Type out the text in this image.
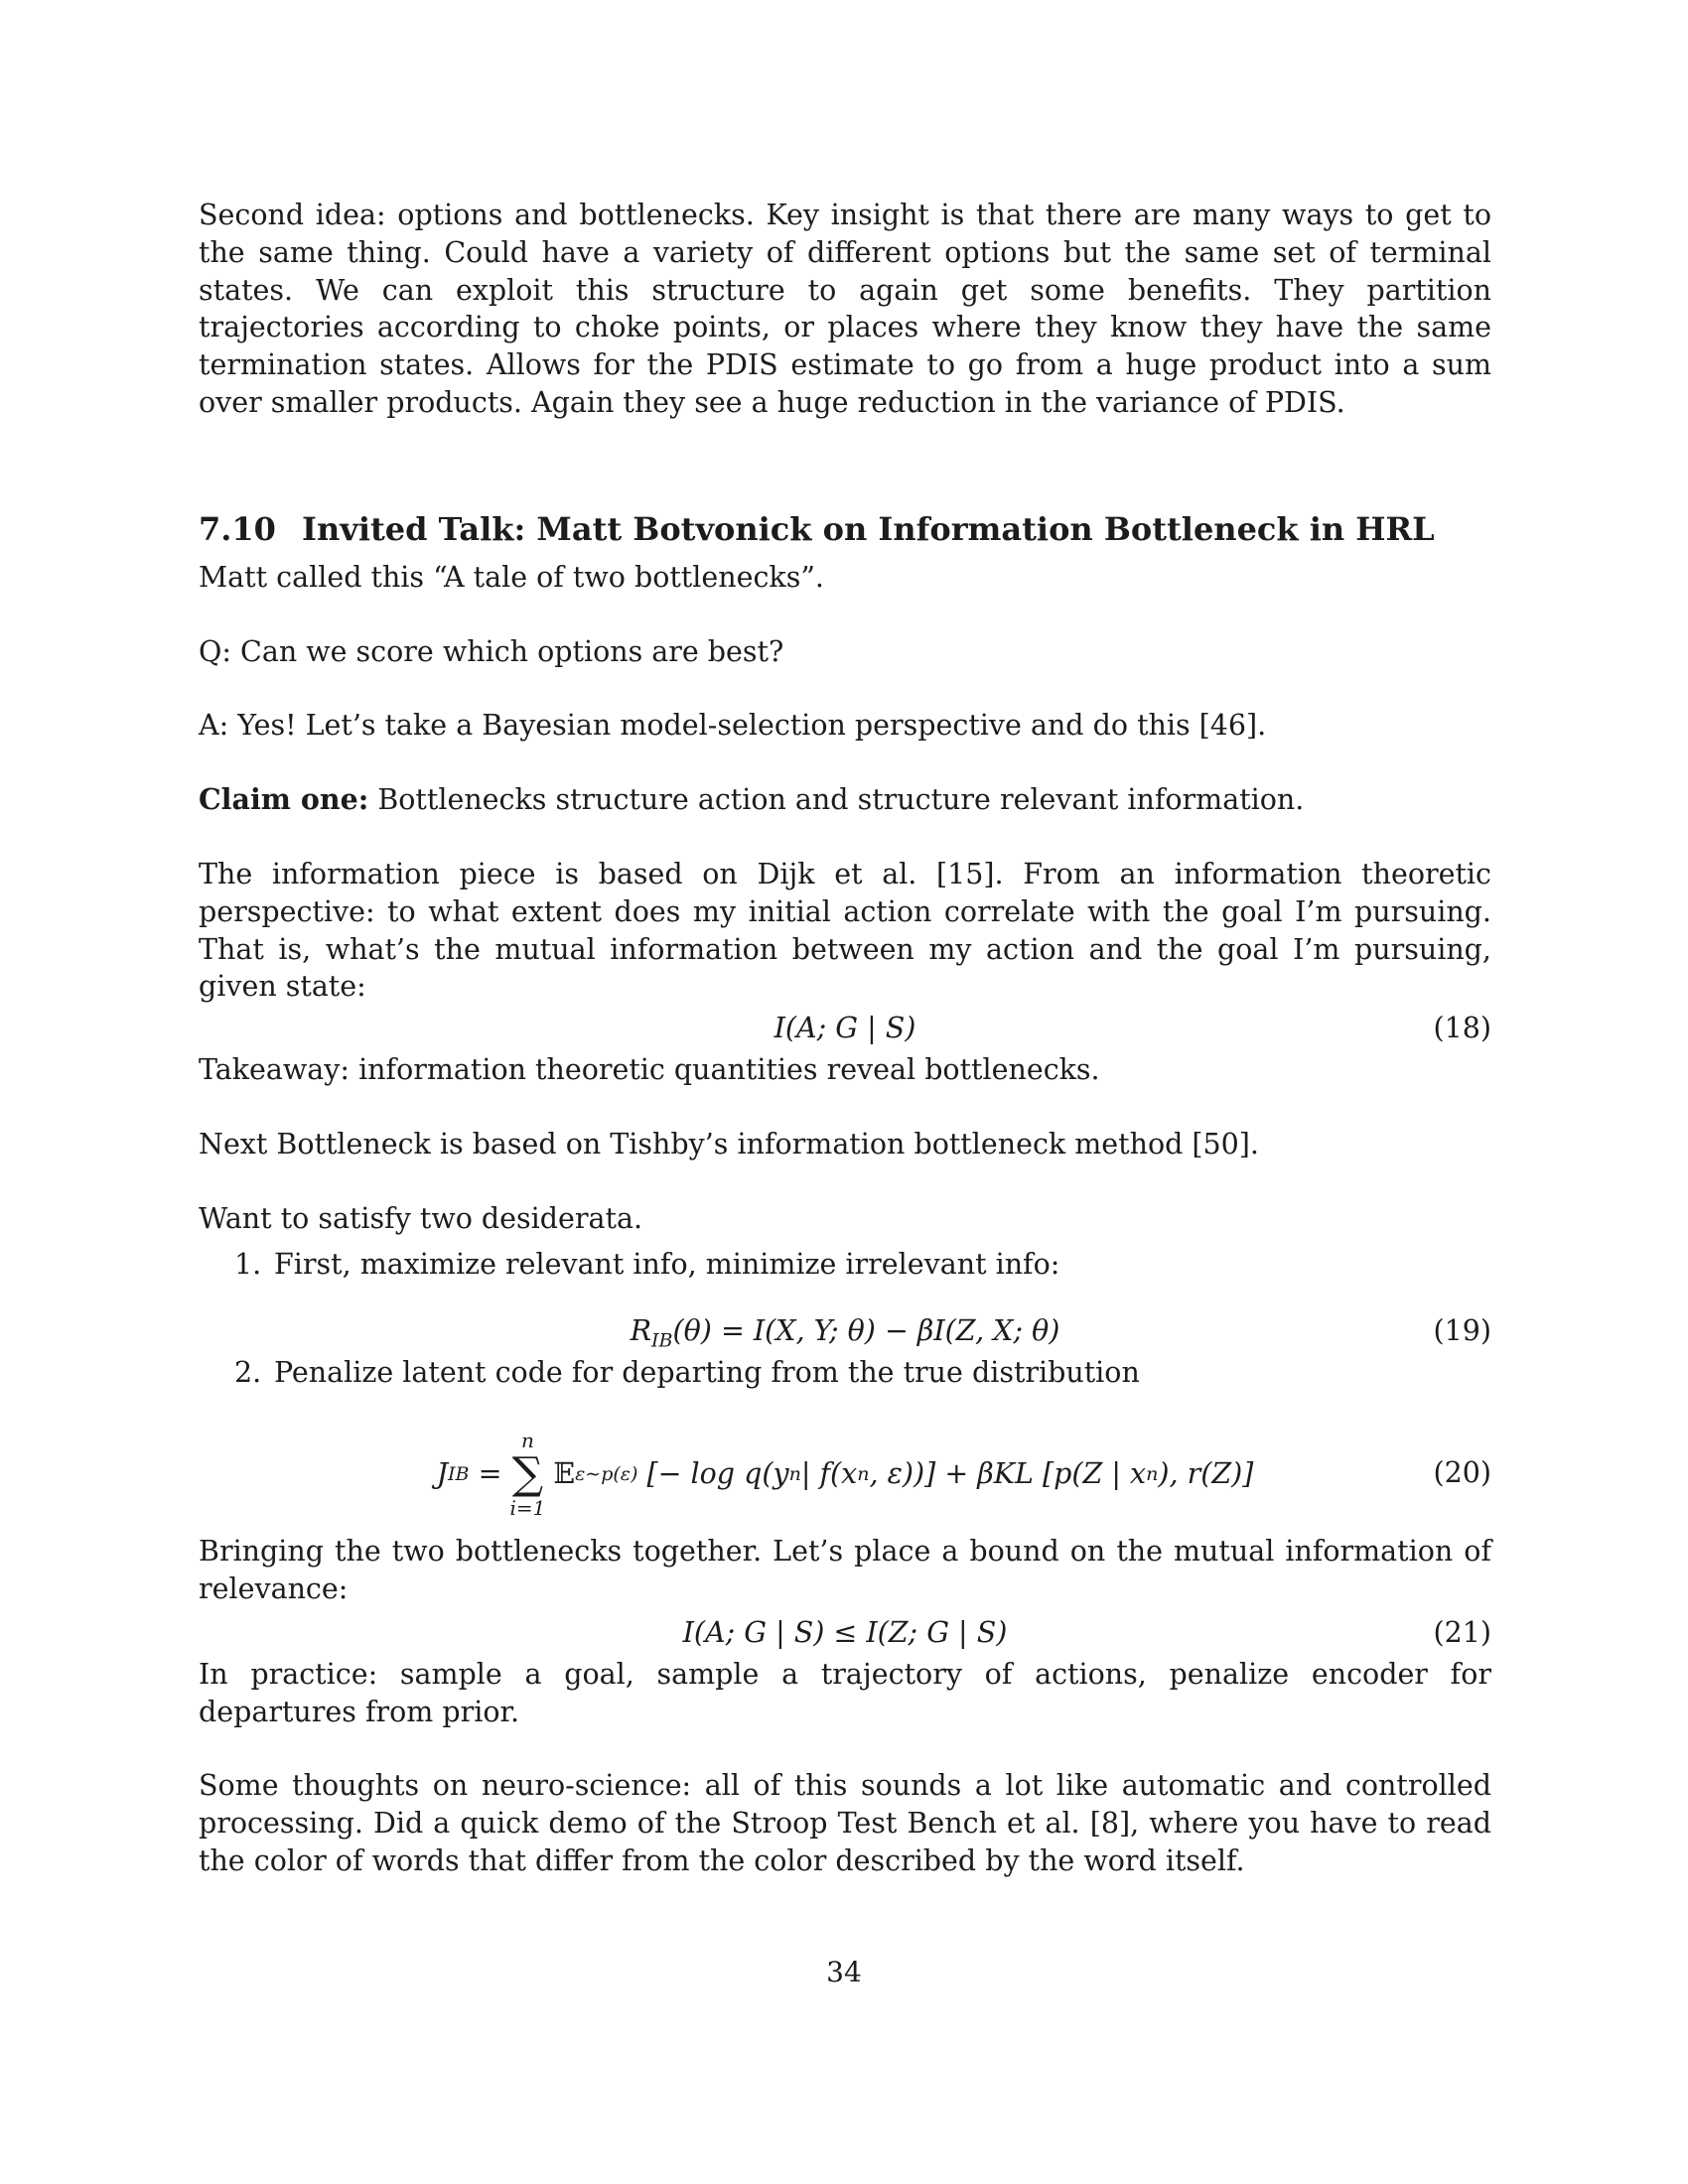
Second idea: options and bottlenecks. Key insight is that there are many ways to get to the same thing. Could have a variety of different options but the same set of terminal states. We can exploit this structure to again get some benefits. They partition trajectories according to choke points, or places where they know they have the same termination states. Allows for the PDIS estimate to go from a huge product into a sum over smaller products. Again they see a huge reduction in the variance of PDIS.

7.10 Invited Talk: Matt Botvonick on Information Bottleneck in HRL

Matt called this “A tale of two bottlenecks”.

Q: Can we score which options are best?

A: Yes! Let’s take a Bayesian model-selection perspective and do this [46].

Claim one: Bottlenecks structure action and structure relevant information.

The information piece is based on Dijk et al. [15]. From an information theoretic perspective: to what extent does my initial action correlate with the goal I’m pursuing. That is, what’s the mutual information between my action and the goal I’m pursuing, given state:

I(A; G | S)	(18)

Takeaway: information theoretic quantities reveal bottlenecks.

Next Bottleneck is based on Tishby’s information bottleneck method [50].

Want to satisfy two desiderata.

1. First, maximize relevant info, minimize irrelevant info:
$R_{IB}(\theta) = I(X$, Y; θ) − βI(Z, X; θ)	(19)
2. Penalize latent code for departing from the true distribution
J IB =
n
∑
i=1
𝔼 ε∼p(ε) [− log q(y n | f(x n , ε))] + βKL [p(Z | x n ), r(Z)]	(20)

Bringing the two bottlenecks together. Let’s place a bound on the mutual information of relevance:

I(A; G | S) ≤ I(Z; G | S)	(21)

In practice: sample a goal, sample a trajectory of actions, penalize encoder for departures from prior.

Some thoughts on neuro-science: all of this sounds a lot like automatic and controlled processing. Did a quick demo of the Stroop Test Bench et al. [8], where you have to read the color of words that differ from the color described by the word itself.

34
